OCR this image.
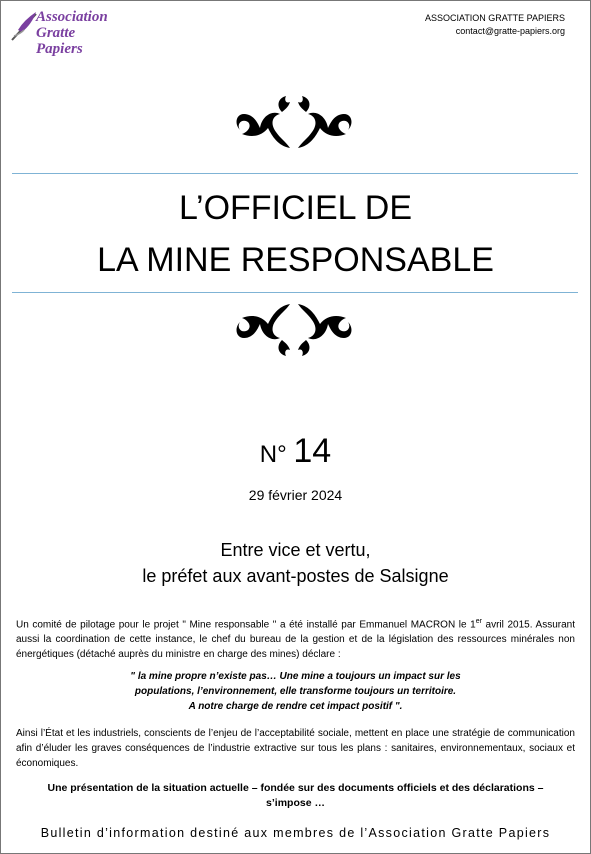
Association
Gratte Papiers
ASSOCIATION GRATTE PAPIERS
contact@gratte-papiers.org
L’OFFICIEL DE
LA MINE RESPONSABLE
N° 14
29 février 2024
Entre vice et vertu,
le préfet aux avant-postes de Salsigne
Un comité de pilotage pour le projet " Mine responsable " a été installé par Emmanuel MACRON le 1er avril 2015. Assurant aussi la coordination de cette instance, le chef du bureau de la gestion et de la législation des ressources minérales non énergétiques (détaché auprès du ministre en charge des mines) déclare :
" la mine propre n’existe pas… Une mine a toujours un impact sur les
populations, l’environnement, elle transforme toujours un territoire.
A notre charge de rendre cet impact positif ".
Ainsi l’État et les industriels, conscients de l’enjeu de l’acceptabilité sociale, mettent en place une stratégie de communication afin d’éluder les graves conséquences de l’industrie extractive sur tous les plans : sanitaires, environnementaux, sociaux et économiques.
Une présentation de la situation actuelle – fondée sur des documents officiels et des déclarations –
s’impose …
Bulletin d’information destiné aux membres de l’Association Gratte Papiers
